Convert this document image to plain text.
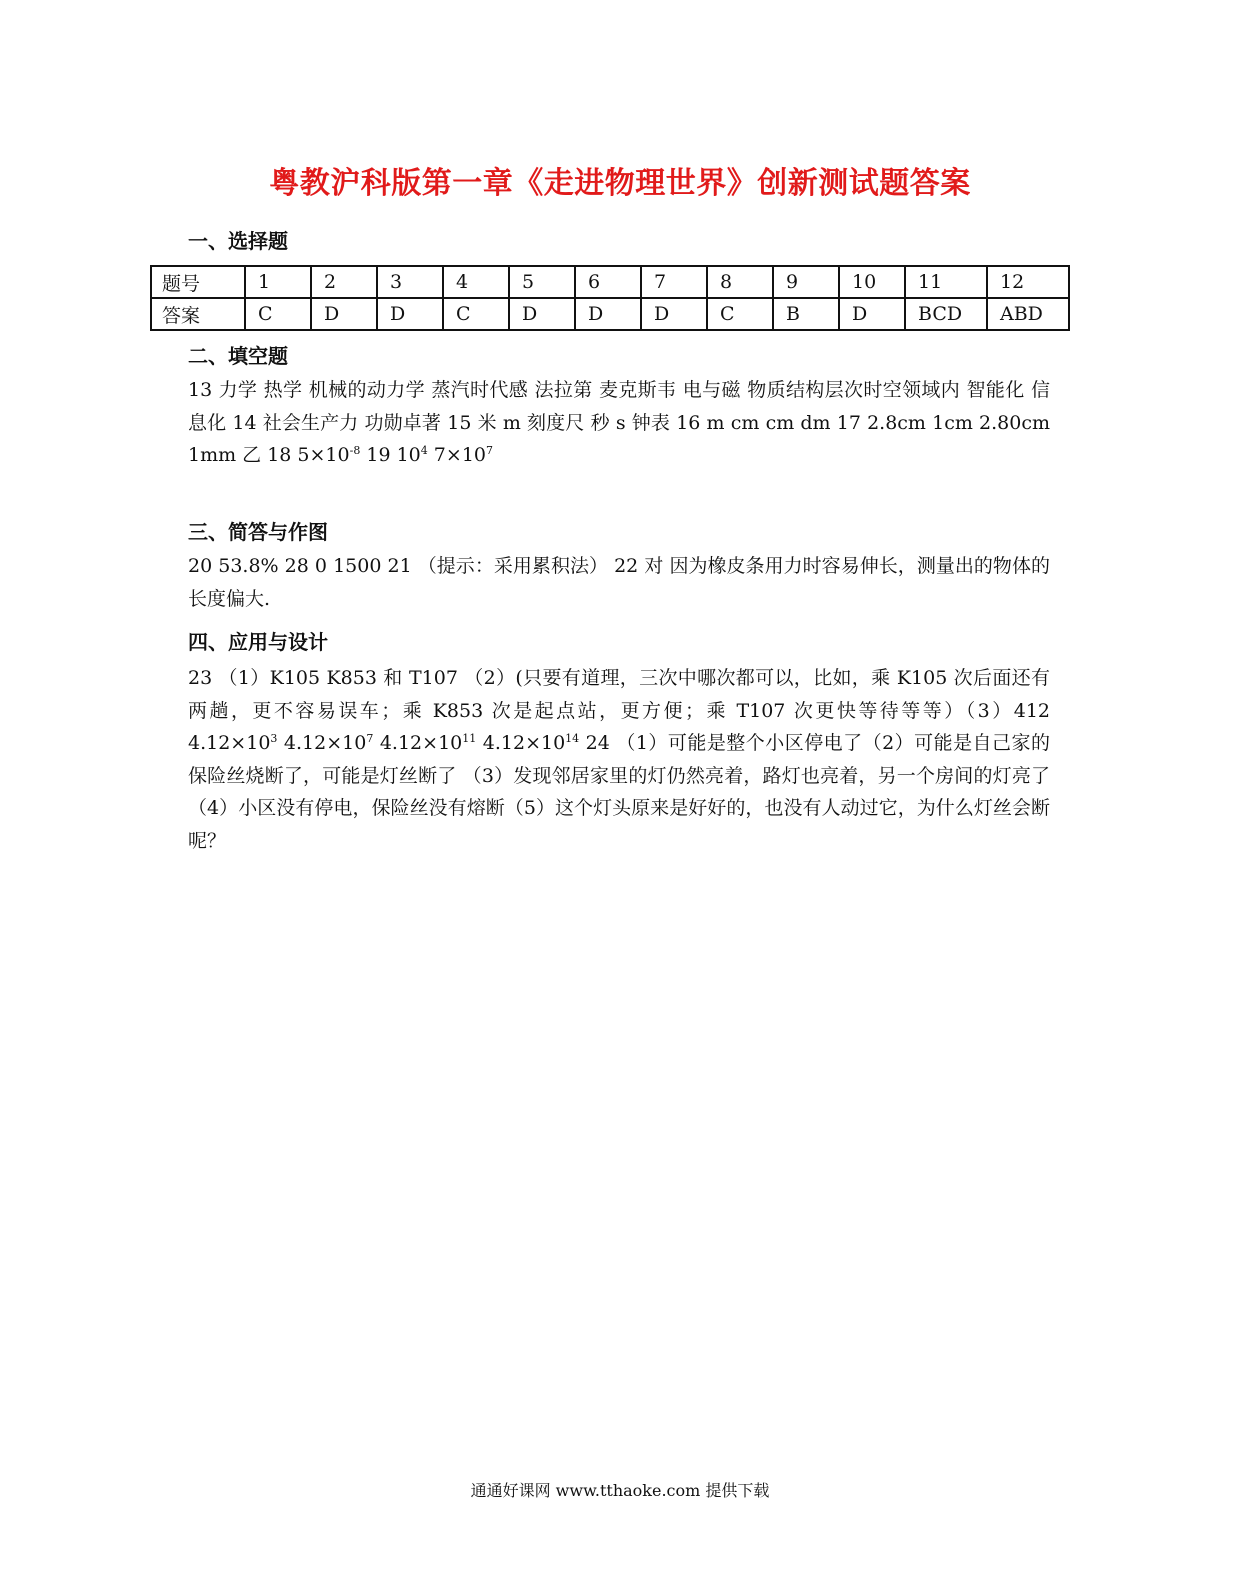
粤教沪科版第一章《走进物理世界》创新测试题答案
一、选择题
题号	1	2	3	4	5	6	7	8	9	10	11	12
答案	C	D	D	C	D	D	D	C	B	D	BCD	ABD
二、填空题
13 力学 热学 机械的动力学 蒸汽时代感 法拉第 麦克斯韦 电与磁 物质结构层次时空领域内 智能化 信息化 14 社会生产力 功勋卓著 15 米 m 刻度尺 秒 s 钟表 16 m cm cm dm 17 2.8cm 1cm 2.80cm 1mm 乙 18 $5\times 10^{-8}$ 19 $10^4$ $7\times 10^7$
三、简答与作图
20 53.8% 28 0 1500 21 （提示：采用累积法） 22 对 因为橡皮条用力时容易伸长，测量出的物体的长度偏大.
四、应用与设计
23 （1）K105 K853 和 T107 （2）(只要有道理，三次中哪次都可以，比如，乘 K105 次后面还有两趟，更不容易误车；乘 K853 次是起点站，更方便；乘 T107 次更快等待等等）（3）412 $4.12\times 10^3$ $4.12\times 10^7$ $4.12\times 10^{11}$ $4.12\times 10^{14}$ 24 （1）可能是整个小区停电了（2）可能是自己家的保险丝烧断了，可能是灯丝断了 （3）发现邻居家里的灯仍然亮着，路灯也亮着，另一个房间的灯亮了 （4）小区没有停电，保险丝没有熔断（5）这个灯头原来是好好的，也没有人动过它，为什么灯丝会断呢？
通通好课网 www.tthaoke.com 提供下载
